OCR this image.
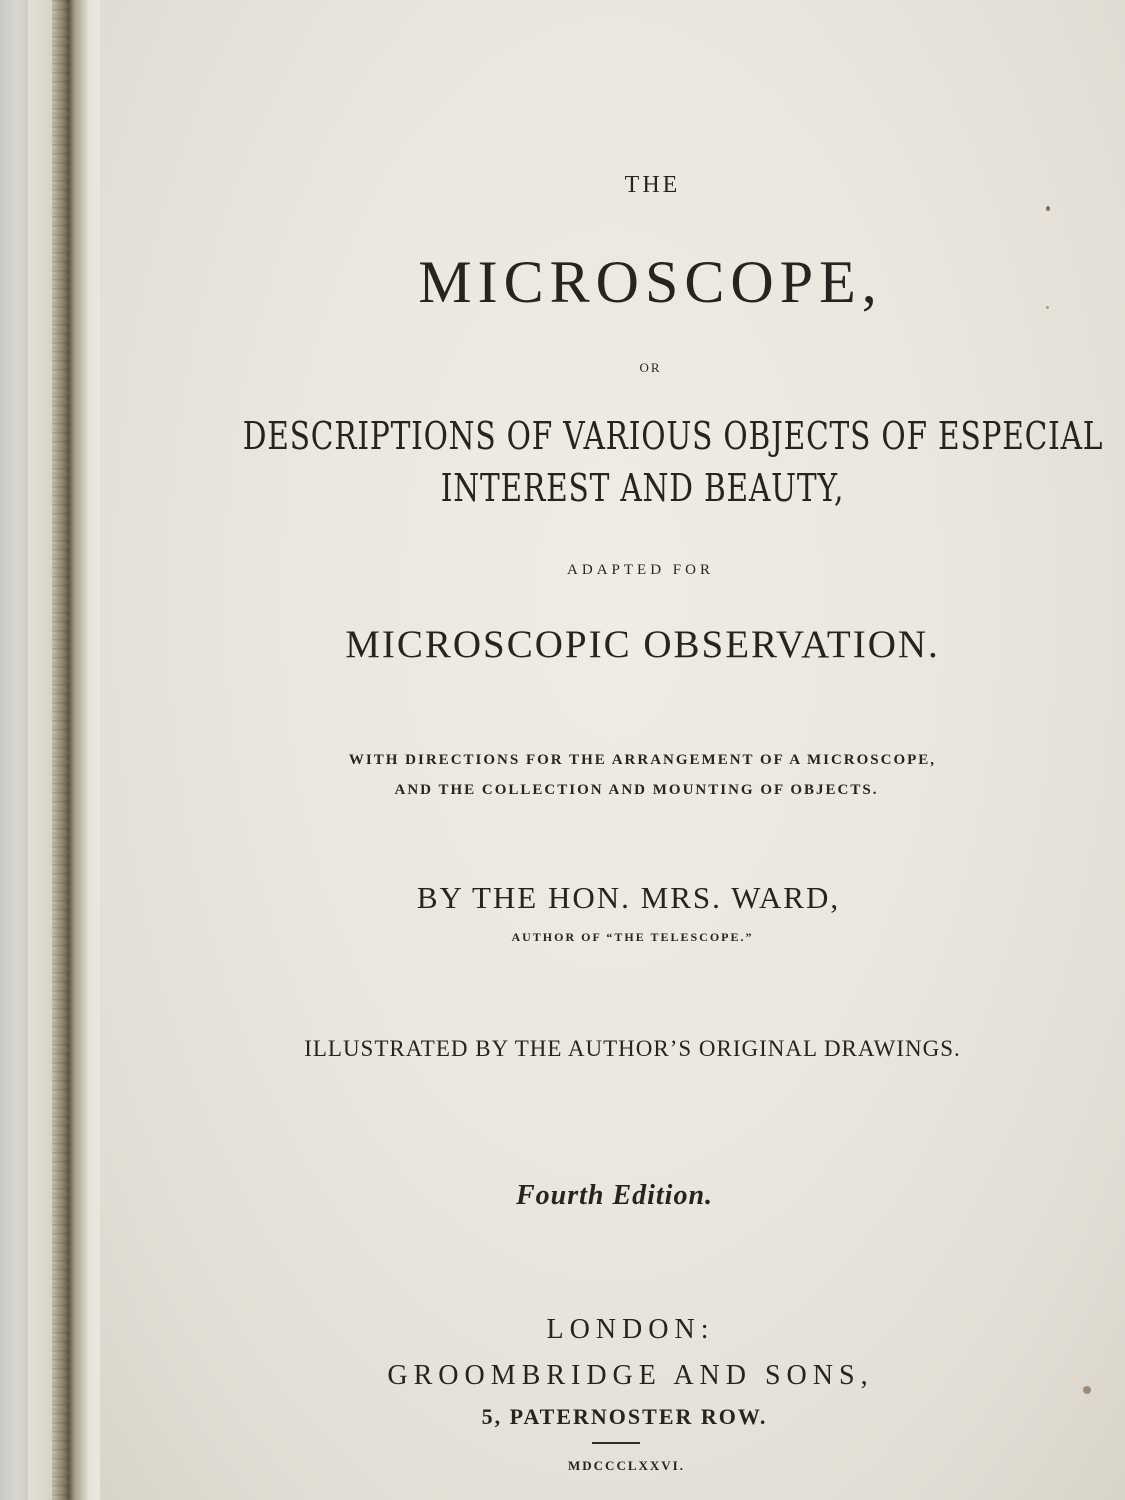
THE

MICROSCOPE,

OR

DESCRIPTIONS OF VARIOUS OBJECTS OF ESPECIAL

INTEREST AND BEAUTY,

ADAPTED FOR

MICROSCOPIC OBSERVATION.

WITH DIRECTIONS FOR THE ARRANGEMENT OF A MICROSCOPE,

AND THE COLLECTION AND MOUNTING OF OBJECTS.

BY THE HON. MRS. WARD,

AUTHOR OF “THE TELESCOPE.”

ILLUSTRATED BY THE AUTHOR’S ORIGINAL DRAWINGS.

Fourth Edition.

LONDON:

GROOMBRIDGE AND SONS,

5, PATERNOSTER ROW.

MDCCCLXXVI.
